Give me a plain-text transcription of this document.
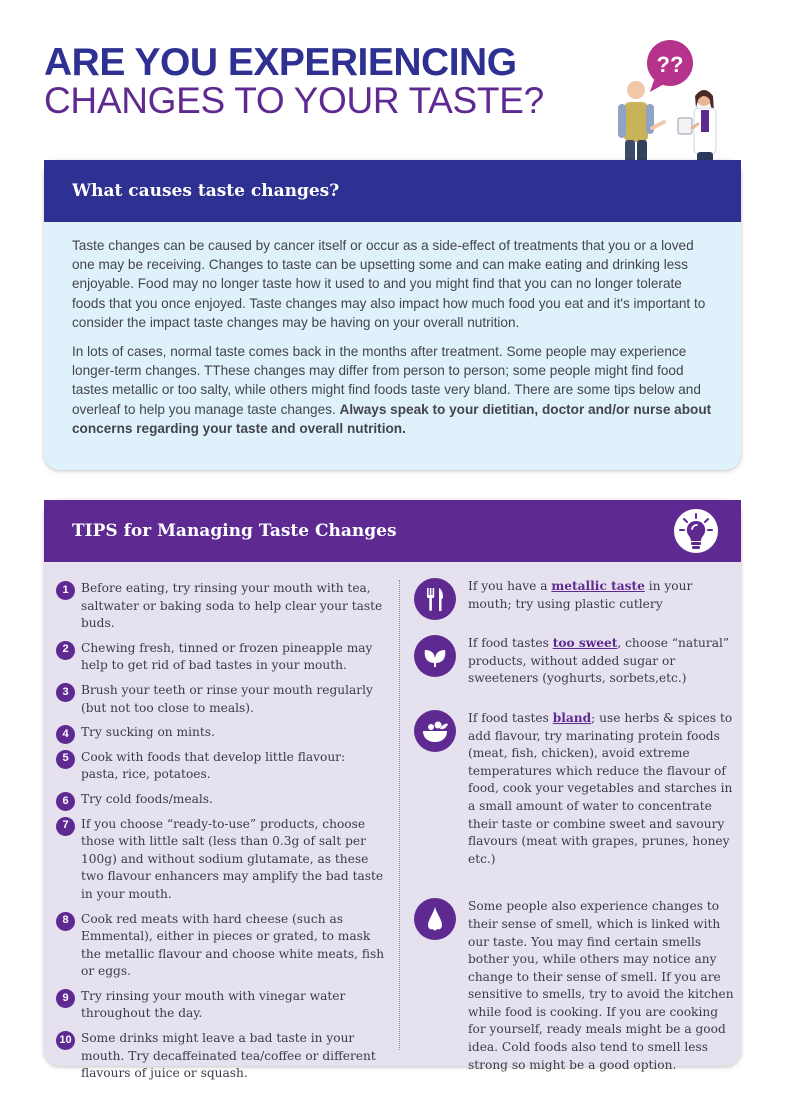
ARE YOU EXPERIENCING
CHANGES TO YOUR TASTE?
??
What causes taste changes?

Taste changes can be caused by cancer itself or occur as a side-effect of treatments that you or a loved one may be receiving. Changes to taste can be upsetting some and can make eating and drinking less enjoyable. Food may no longer taste how it used to and you might find that you can no longer tolerate foods that you once enjoyed. Taste changes may also impact how much food you eat and it's important to consider the impact taste changes may be having on your overall nutrition.

In lots of cases, normal taste comes back in the months after treatment. Some people may experience longer-term changes. TThese changes may differ from person to person; some people might find food tastes metallic or too salty, while others might find foods taste very bland. There are some tips below and overleaf to help you manage taste changes. Always speak to your dietitian, doctor and/or nurse about concerns regarding your taste and overall nutrition.

TIPS for Managing Taste Changes
1	Before eating, try rinsing your mouth with tea, saltwater or baking soda to help clear your taste buds.
2	Chewing fresh, tinned or frozen pineapple may help to get rid of bad tastes in your mouth.
3	Brush your teeth or rinse your mouth regularly (but not too close to meals).
4	Try sucking on mints.
5	Cook with foods that develop little flavour: pasta, rice, potatoes.
6	Try cold foods/meals.
7	If you choose “ready-to-use” products, choose those with little salt (less than 0.3g of salt per 100g) and without sodium glutamate, as these two flavour enhancers may amplify the bad taste in your mouth.
8	Cook red meats with hard cheese (such as Emmental), either in pieces or grated, to mask the metallic flavour and choose white meats, fish or eggs.
9	Try rinsing your mouth with vinegar water throughout the day.
10 Some drinks might leave a bad taste in your mouth. Try decaffeinated tea/coffee or different flavours of juice or squash.
If you have a metallic taste in your mouth; try using plastic cutlery
If food tastes too sweet, choose “natural” products, without added sugar or sweeteners (yoghurts, sorbets,etc.)
If food tastes bland; use herbs & spices to add flavour, try marinating protein foods (meat, fish, chicken), avoid extreme temperatures which reduce the flavour of food, cook your vegetables and starches in a small amount of water to concentrate their taste or combine sweet and savoury flavours (meat with grapes, prunes, honey etc.)
Some people also experience changes to their sense of smell, which is linked with our taste. You may find certain smells bother you, while others may notice any change to their sense of smell. If you are sensitive to smells, try to avoid the kitchen while food is cooking. If you are cooking for yourself, ready meals might be a good idea. Cold foods also tend to smell less strong so might be a good option.
